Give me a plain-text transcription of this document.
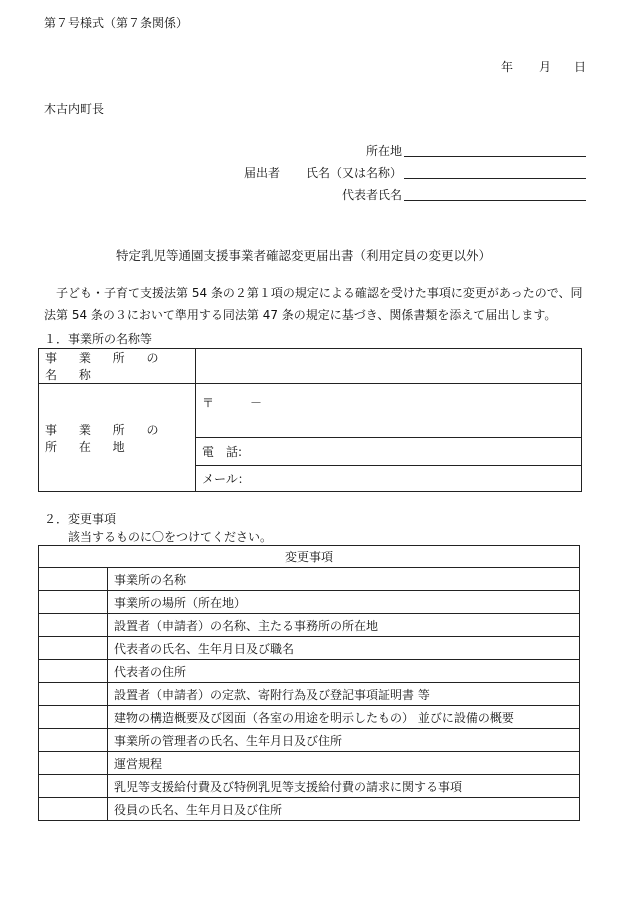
第７号様式（第７条関係）
年 月 日
木古内町長
所在地
届出者 氏名（又は名称）
代表者氏名
特定乳児等通園支援事業者確認変更届出書（利用定員の変更以外）

子ども・子育て支援法第 54 条の２第１項の規定による確認を受けた事項に変更があったので、同法第 54 条の３において準用する同法第 47 条の規定に基づき、関係書類を添えて届出します。

１．事業所の名称等
事 業 所 の 名 称	
事 業 所 の 所 在 地	〒　　　－
	電　話:
	メール：
２．変更事項
該当するものに〇をつけてください。
変更事項	
	事業所の名称
	事業所の場所（所在地）
	設置者（申請者）の名称、主たる事務所の所在地
	代表者の氏名、生年月日及び職名
	代表者の住所
	設置者（申請者）の定款、寄附行為及び登記事項証明書 等
	建物の構造概要及び図面（各室の用途を明示したもの） 並びに設備の概要
	事業所の管理者の氏名、生年月日及び住所
	運営規程
	乳児等支援給付費及び特例乳児等支援給付費の請求に関する事項
	役員の氏名、生年月日及び住所
